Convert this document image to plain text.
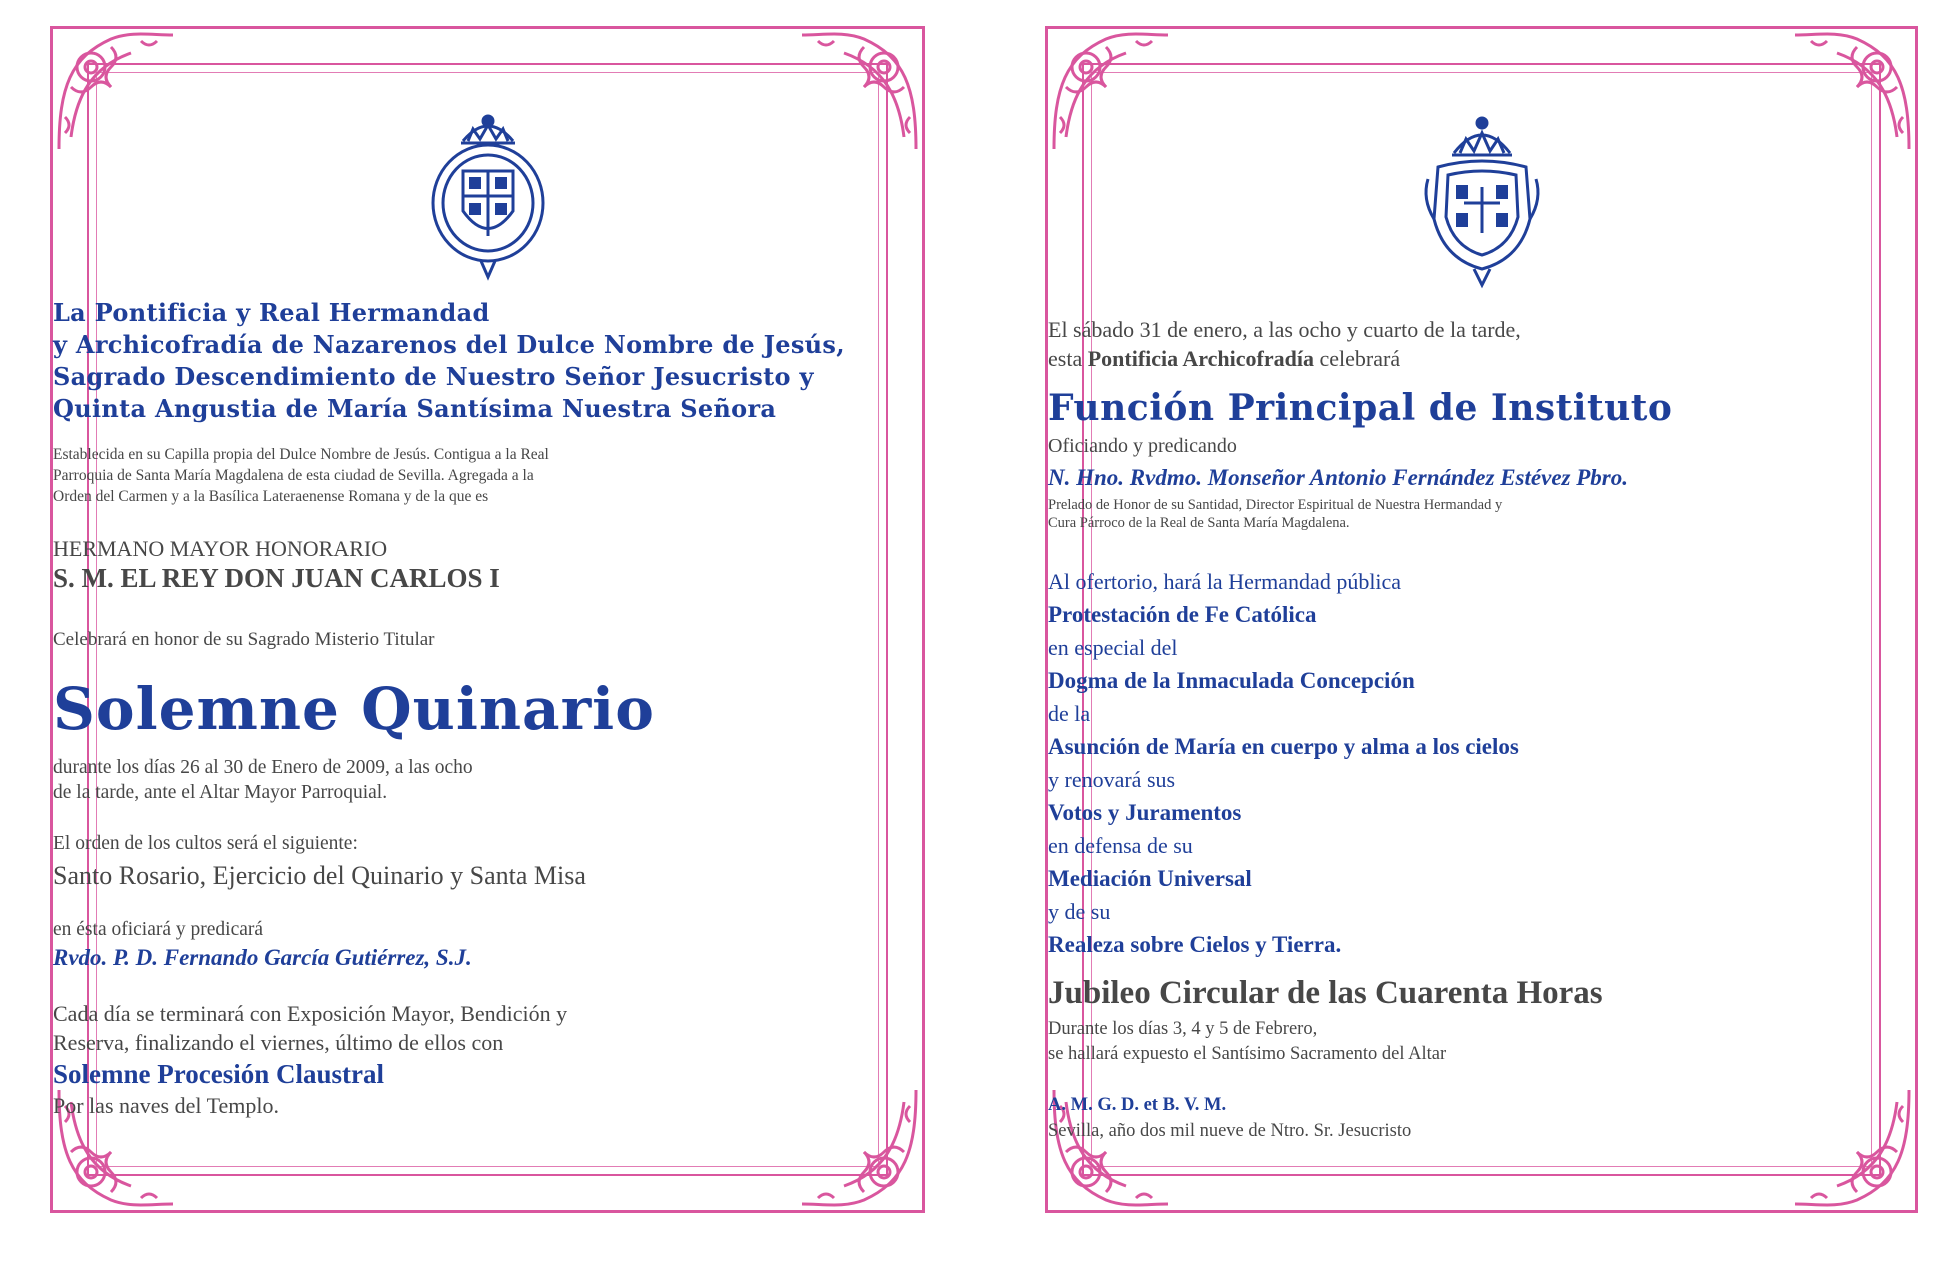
La Pontificia y Real Hermandad
y Archicofradía de Nazarenos del Dulce Nombre de Jesús,
Sagrado Descendimiento de Nuestro Señor Jesucristo y
Quinta Angustia de María Santísima Nuestra Señora
Establecida en su Capilla propia del Dulce Nombre de Jesús. Contigua a la Real
Parroquia de Santa María Magdalena de esta ciudad de Sevilla. Agregada a la
Orden del Carmen y a la Basílica Lateraenense Romana y de la que es
HERMANO MAYOR HONORARIO
S. M. EL REY DON JUAN CARLOS I
Celebrará en honor de su Sagrado Misterio Titular
Solemne Quinario
durante los días 26 al 30 de Enero de 2009, a las ocho
de la tarde, ante el Altar Mayor Parroquial.
El orden de los cultos será el siguiente:
Santo Rosario, Ejercicio del Quinario y Santa Misa
en ésta oficiará y predicará
Rvdo. P. D. Fernando García Gutiérrez, S.J.
Cada día se terminará con Exposición Mayor, Bendición y
Reserva, finalizando el viernes, último de ellos con
Solemne Procesión Claustral
Por las naves del Templo.
El sábado 31 de enero, a las ocho y cuarto de la tarde,
esta Pontificia Archicofradía celebrará
Función Principal de Instituto
Oficiando y predicando
N. Hno. Rvdmo. Monseñor Antonio Fernández Estévez Pbro.
Prelado de Honor de su Santidad, Director Espiritual de Nuestra Hermandad y
Cura Párroco de la Real de Santa María Magdalena.
Al ofertorio, hará la Hermandad pública
Protestación de Fe Católica
en especial del
Dogma de la Inmaculada Concepción
de la
Asunción de María en cuerpo y alma a los cielos
y renovará sus
Votos y Juramentos
en defensa de su
Mediación Universal
y de su
Realeza sobre Cielos y Tierra.
Jubileo Circular de las Cuarenta Horas
Durante los días 3, 4 y 5 de Febrero,
se hallará expuesto el Santísimo Sacramento del Altar
A. M. G. D. et B. V. M.
Sevilla, año dos mil nueve de Ntro. Sr. Jesucristo
